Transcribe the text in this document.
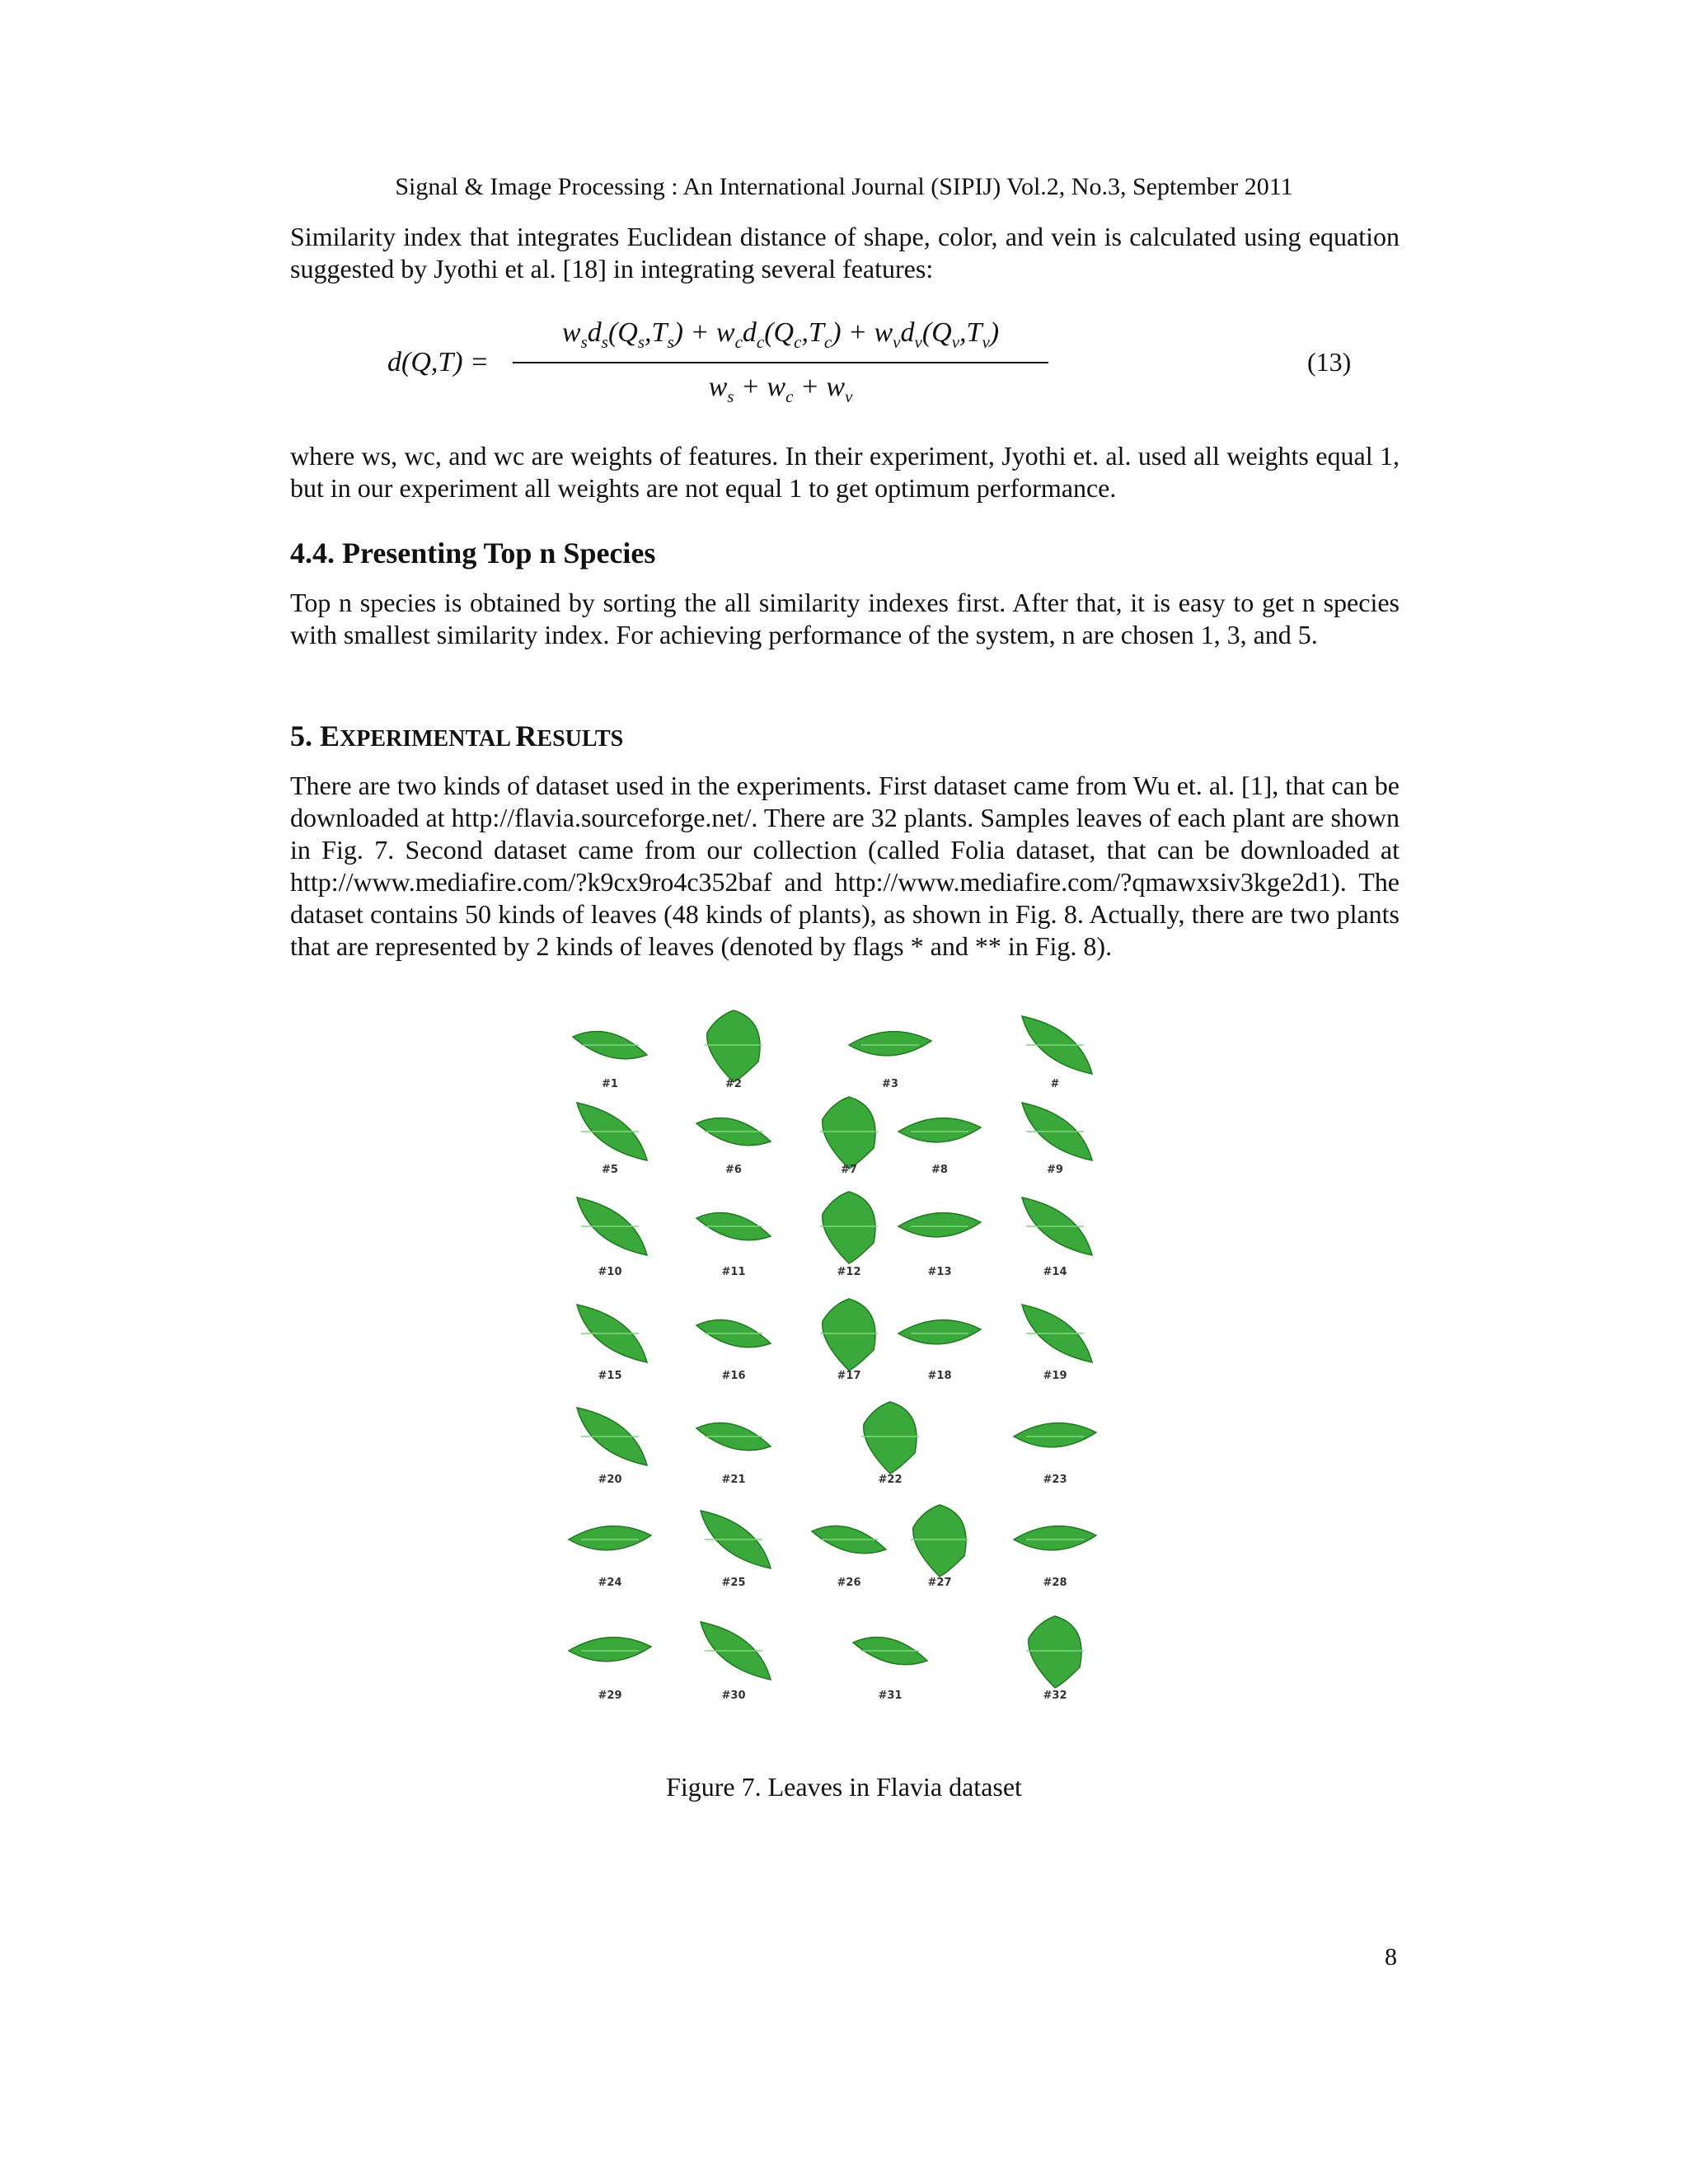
Signal & Image Processing : An International Journal (SIPIJ) Vol.2, No.3, September 2011
Similarity index that integrates Euclidean distance of shape, color, and vein is calculated using equation suggested by Jyothi et al. [18] in integrating several features:
d(Q,T) =
$w_sd_s(Q_s,T_s) + w_cd_c(Q_c,T_c) + w_vd_v(Q_v,T_v)$
$w_s + w_c + w_v$
(13)
where ws, wc, and wc are weights of features. In their experiment, Jyothi et. al. used all weights equal 1, but in our experiment all weights are not equal 1 to get optimum performance.
4.4. Presenting Top n Species
Top n species is obtained by sorting the all similarity indexes first. After that, it is easy to get n species with smallest similarity index. For achieving performance of the system, n are chosen 1, 3, and 5.
5. EXPERIMENTAL RESULTS
There are two kinds of dataset used in the experiments. First dataset came from Wu et. al. [1], that can be downloaded at http://flavia.sourceforge.net/. There are 32 plants. Samples leaves of each plant are shown in Fig. 7. Second dataset came from our collection (called Folia dataset, that can be downloaded at http://www.mediafire.com/?k9cx9ro4c352baf and http://www.mediafire.com/?qmawxsiv3kge2d1). The dataset contains 50 kinds of leaves (48 kinds of plants), as shown in Fig. 8. Actually, there are two plants that are represented by 2 kinds of leaves (denoted by flags * and ** in Fig. 8).
#1	#2	#3	#
#5	#6	#7	#8	#9
#10	#11	#12	#13	#14
#15	#16	#17	#18	#19
#20	#21	#22	#23
#24	#25	#26	#27	#28
#29	#30	#31	#32
Figure 7. Leaves in Flavia dataset
8
